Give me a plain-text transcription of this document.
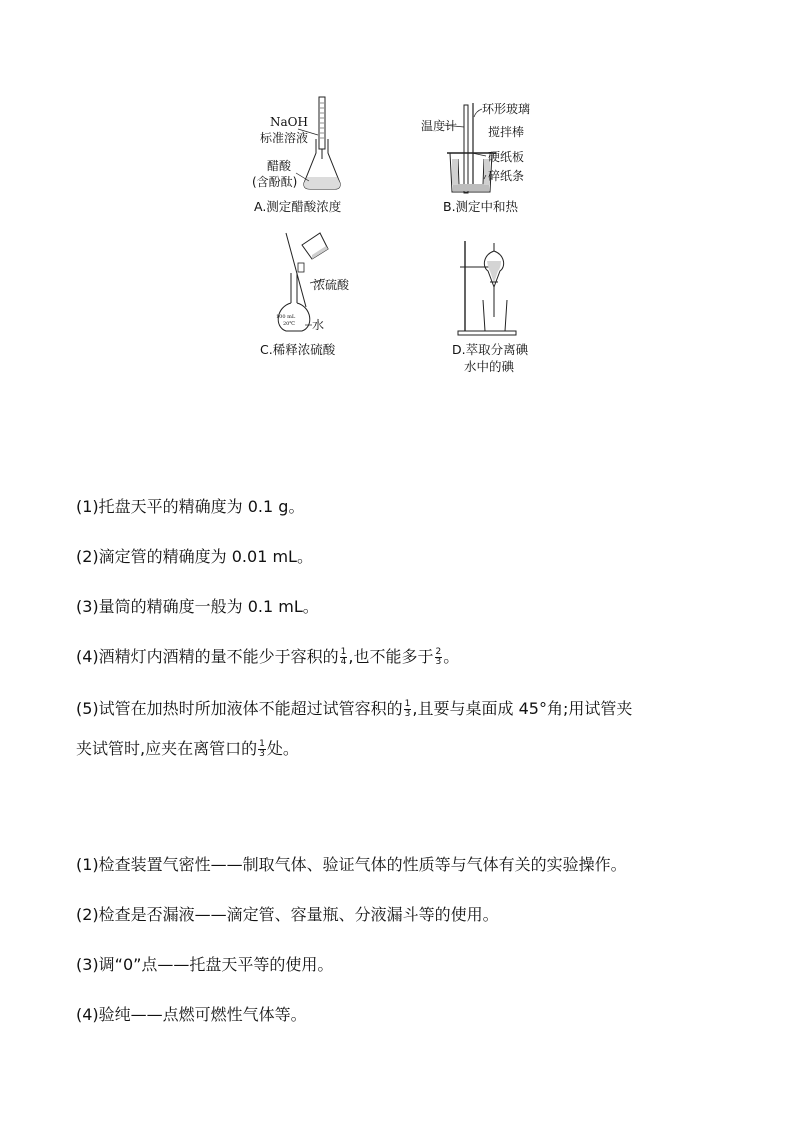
NaOH
标准溶液
醋酸
(含酚酞)
A.测定醋酸浓度
温度计
环形玻璃
搅拌棒
硬纸板
碎纸条
B.测定中和热
100 mL
20℃
浓硫酸
水
C.稀释浓硫酸	D.萃取分离碘
水中的碘
(1)托盘天平的精确度为 0.1 g。
(2)滴定管的精确度为 0.01 mL。
(3)量筒的精确度一般为 0.1 mL。
(4)酒精灯内酒精的量不能少于容积的 $\frac{1}{4}$ ,也不能多于 $\frac{2}{3}$ 。
(5)试管在加热时所加液体不能超过试管容积的 $\frac{1}{3}$ ,且要与桌面成 45°角;用试管夹
夹试管时,应夹在离管口的 $\frac{1}{3}$ 处。
(1)检查装置气密性——制取气体、验证气体的性质等与气体有关的实验操作。
(2)检查是否漏液——滴定管、容量瓶、分液漏斗等的使用。
(3)调“0”点——托盘天平等的使用。
(4)验纯——点燃可燃性气体等。
